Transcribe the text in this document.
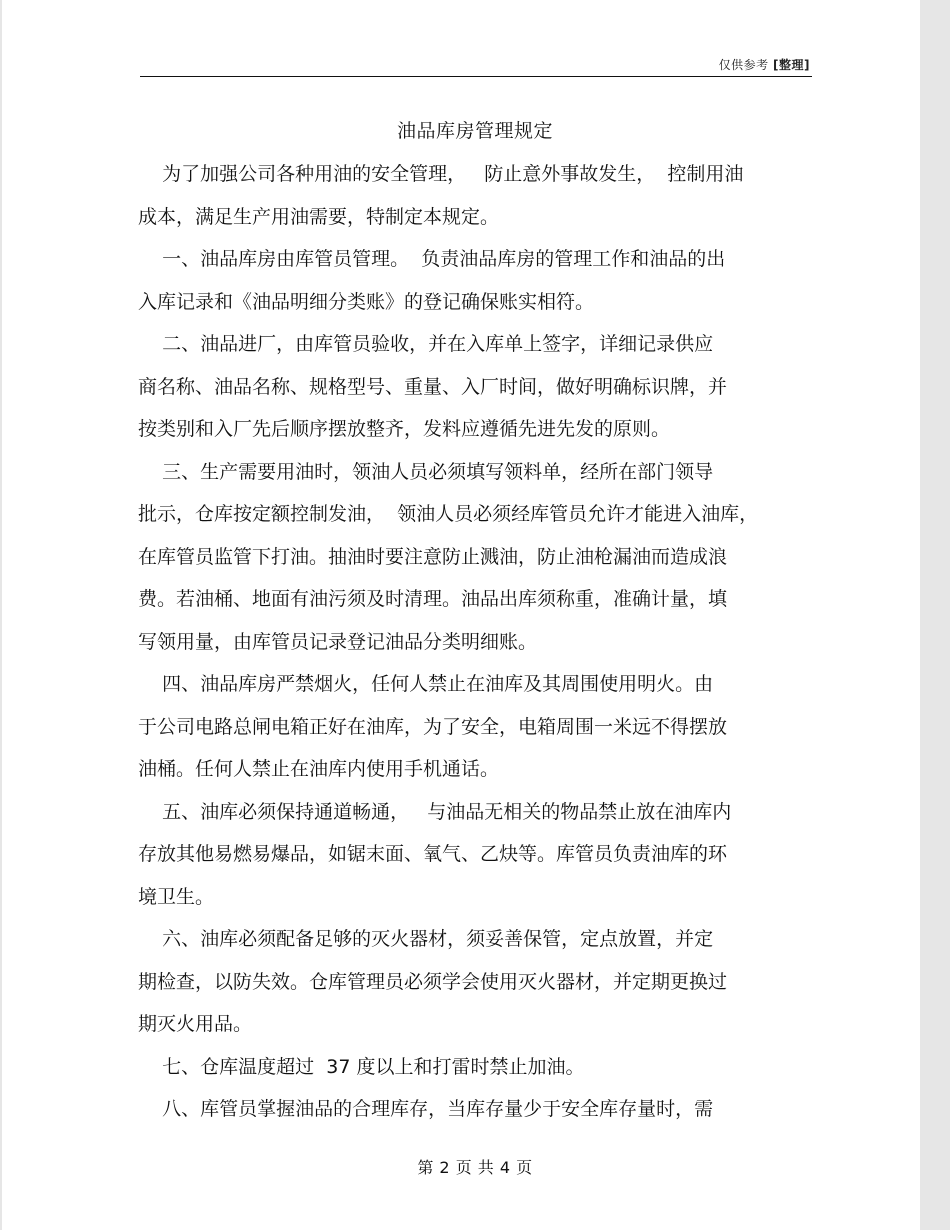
仅供参考 [整理]
油品库房管理规定
为了加强公司各种用油的安全管理，   防止意外事故发生，  控制用油
成本，满足生产用油需要，特制定本规定。
一、油品库房由库管员管理。  负责油品库房的管理工作和油品的出
入库记录和《油品明细分类账》的登记确保账实相符。
二、油品进厂，由库管员验收，并在入库单上签字，详细记录供应
商名称、油品名称、规格型号、重量、入厂时间，做好明确标识牌，并
按类别和入厂先后顺序摆放整齐，发料应遵循先进先发的原则。
三、生产需要用油时，领油人员必须填写领料单，经所在部门领导
批示，仓库按定额控制发油，  领油人员必须经库管员允许才能进入油库，
在库管员监管下打油。抽油时要注意防止溅油，防止油枪漏油而造成浪
费。若油桶、地面有油污须及时清理。油品出库须称重，准确计量，填
写领用量，由库管员记录登记油品分类明细账。
四、油品库房严禁烟火，任何人禁止在油库及其周围使用明火。由
于公司电路总闸电箱正好在油库，为了安全，电箱周围一米远不得摆放
油桶。任何人禁止在油库内使用手机通话。
五、油库必须保持通道畅通，   与油品无相关的物品禁止放在油库内
存放其他易燃易爆品，如锯末面、氧气、乙炔等。库管员负责油库的环
境卫生。
六、油库必须配备足够的灭火器材，须妥善保管，定点放置，并定
期检查，以防失效。仓库管理员必须学会使用灭火器材，并定期更换过
期灭火用品。
七、仓库温度超过  37 度以上和打雷时禁止加油。
八、库管员掌握油品的合理库存，当库存量少于安全库存量时，需
第 2 页 共 4 页
